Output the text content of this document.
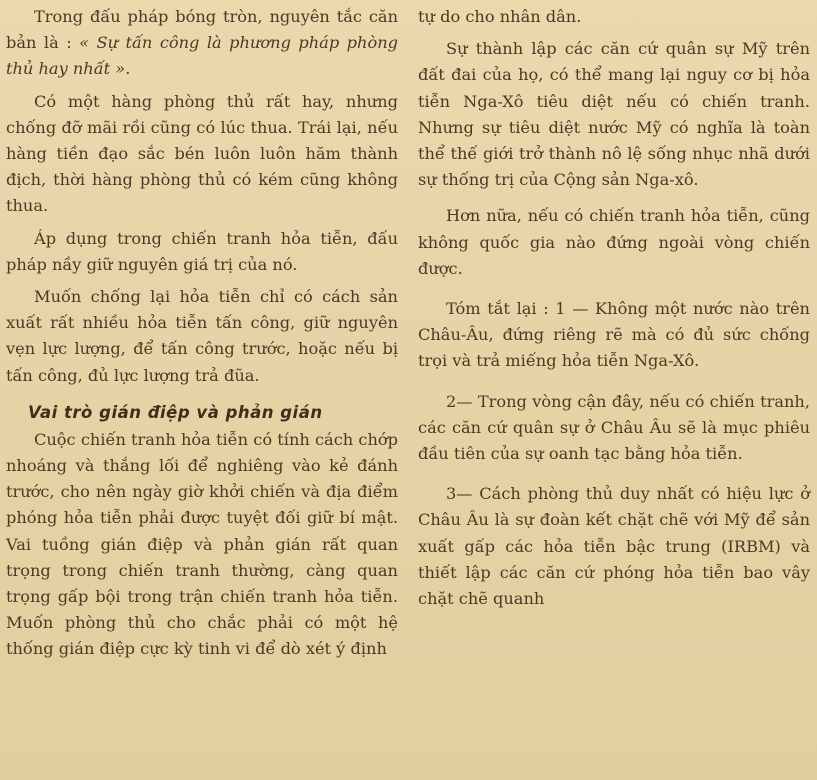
Trong đấu pháp bóng tròn, nguyên tắc căn bản là : « Sự tấn công là phương pháp phòng thủ hay nhất ».

Có một hàng phòng thủ rất hay, nhưng chống đỡ mãi rồi cũng có lúc thua. Trái lại, nếu hàng tiền đạo sắc bén luôn luôn hăm thành địch, thời hàng phòng thủ có kém cũng không thua.

Áp dụng trong chiến tranh hỏa tiễn, đấu pháp nầy giữ nguyên giá trị của nó.

Muốn chống lại hỏa tiễn chỉ có cách sản xuất rất nhiều hỏa tiễn tấn công, giữ nguyên vẹn lực lượng, để tấn công trước, hoặc nếu bị tấn công, đủ lực lượng trả đũa.

Vai trò gián điệp và phản gián

Cuộc chiến tranh hỏa tiễn có tính cách chớp nhoáng và thắng lối để nghiêng vào kẻ đánh trước, cho nên ngày giờ khởi chiến và địa điểm phóng hỏa tiễn phải được tuyệt đối giữ bí mật. Vai tuồng gián điệp và phản gián rất quan trọng trong chiến tranh thường, càng quan trọng gấp bội trong trận chiến tranh hỏa tiễn. Muốn phòng thủ cho chắc phải có một hệ thống gián điệp cực kỳ tinh vi để dò xét ý định

tự do cho nhân dân.

Sự thành lập các căn cứ quân sự Mỹ trên đất đai của họ, có thể mang lại nguy cơ bị hỏa tiễn Nga-Xô tiêu diệt nếu có chiến tranh. Nhưng sự tiêu diệt nước Mỹ có nghĩa là toàn thể thế giới trở thành nô lệ sống nhục nhã dưới sự thống trị của Cộng sản Nga-xô.

Hơn nữa, nếu có chiến tranh hỏa tiễn, cũng không quốc gia nào đứng ngoài vòng chiến được.

Tóm tắt lại : 1 — Không một nước nào trên Châu-Âu, đứng riêng rẽ mà có đủ sức chống trọi và trả miếng hỏa tiễn Nga-Xô.

2— Trong vòng cận đây, nếu có chiến tranh, các căn cứ quân sự ở Châu Âu sẽ là mục phiêu đầu tiên của sự oanh tạc bằng hỏa tiễn.

3— Cách phòng thủ duy nhất có hiệu lực ở Châu Âu là sự đoàn kết chặt chẽ với Mỹ để sản xuất gấp các hỏa tiễn bậc trung (IRBM) và thiết lập các căn cứ phóng hỏa tiễn bao vây chặt chẽ quanh
